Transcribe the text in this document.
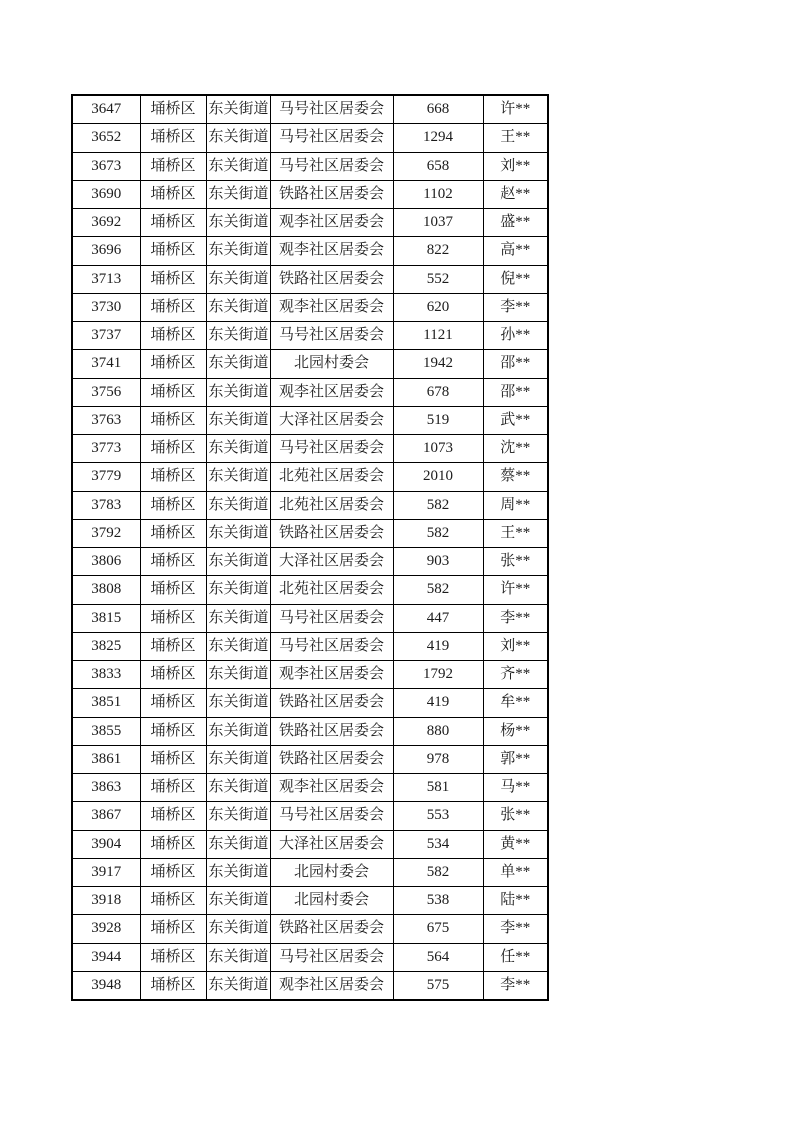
3647	埇桥区	东关街道	马号社区居委会	668	许**
3652	埇桥区	东关街道	马号社区居委会	1294	王**
3673	埇桥区	东关街道	马号社区居委会	658	刘**
3690	埇桥区	东关街道	铁路社区居委会	1102	赵**
3692	埇桥区	东关街道	观李社区居委会	1037	盛**
3696	埇桥区	东关街道	观李社区居委会	822	高**
3713	埇桥区	东关街道	铁路社区居委会	552	倪**
3730	埇桥区	东关街道	观李社区居委会	620	李**
3737	埇桥区	东关街道	马号社区居委会	1121	孙**
3741	埇桥区	东关街道	北园村委会	1942	邵**
3756	埇桥区	东关街道	观李社区居委会	678	邵**
3763	埇桥区	东关街道	大泽社区居委会	519	武**
3773	埇桥区	东关街道	马号社区居委会	1073	沈**
3779	埇桥区	东关街道	北苑社区居委会	2010	蔡**
3783	埇桥区	东关街道	北苑社区居委会	582	周**
3792	埇桥区	东关街道	铁路社区居委会	582	王**
3806	埇桥区	东关街道	大泽社区居委会	903	张**
3808	埇桥区	东关街道	北苑社区居委会	582	许**
3815	埇桥区	东关街道	马号社区居委会	447	李**
3825	埇桥区	东关街道	马号社区居委会	419	刘**
3833	埇桥区	东关街道	观李社区居委会	1792	齐**
3851	埇桥区	东关街道	铁路社区居委会	419	牟**
3855	埇桥区	东关街道	铁路社区居委会	880	杨**
3861	埇桥区	东关街道	铁路社区居委会	978	郭**
3863	埇桥区	东关街道	观李社区居委会	581	马**
3867	埇桥区	东关街道	马号社区居委会	553	张**
3904	埇桥区	东关街道	大泽社区居委会	534	黄**
3917	埇桥区	东关街道	北园村委会	582	单**
3918	埇桥区	东关街道	北园村委会	538	陆**
3928	埇桥区	东关街道	铁路社区居委会	675	李**
3944	埇桥区	东关街道	马号社区居委会	564	任**
3948	埇桥区	东关街道	观李社区居委会	575	李**
